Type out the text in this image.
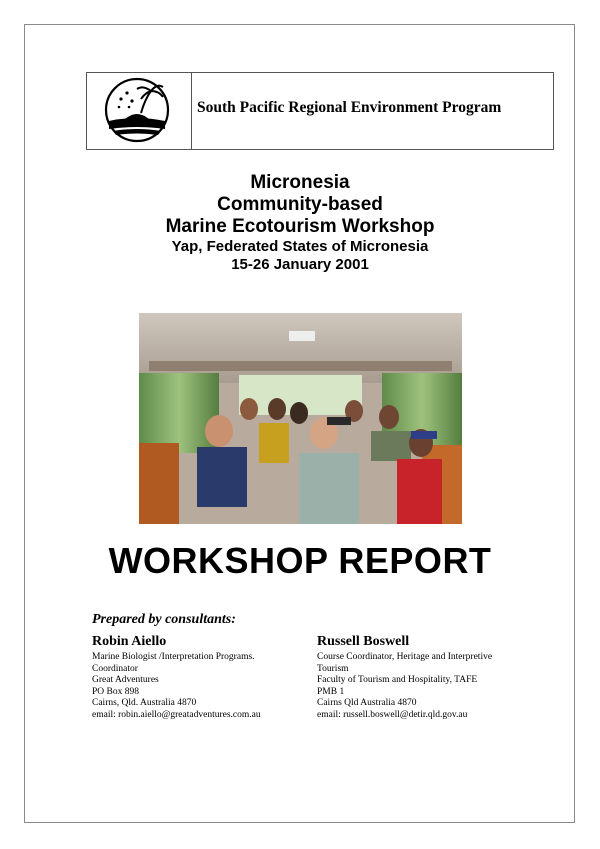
South Pacific Regional Environment Program
Micronesia
Community-based
Marine Ecotourism Workshop
Yap, Federated States of Micronesia
15-26 January 2001
WORKSHOP REPORT
Prepared by consultants:
Robin Aiello
Marine Biologist /Interpretation Programs.
Coordinator
Great Adventures
PO Box 898
Cairns, Qld. Australia 4870
email: robin.aiello@greatadventures.com.au
Russell Boswell
Course Coordinator, Heritage and Interpretive
Tourism
Faculty of Tourism and Hospitality, TAFE
PMB 1
Cairns Qld Australia 4870
email: russell.boswell@detir.qld.gov.au
